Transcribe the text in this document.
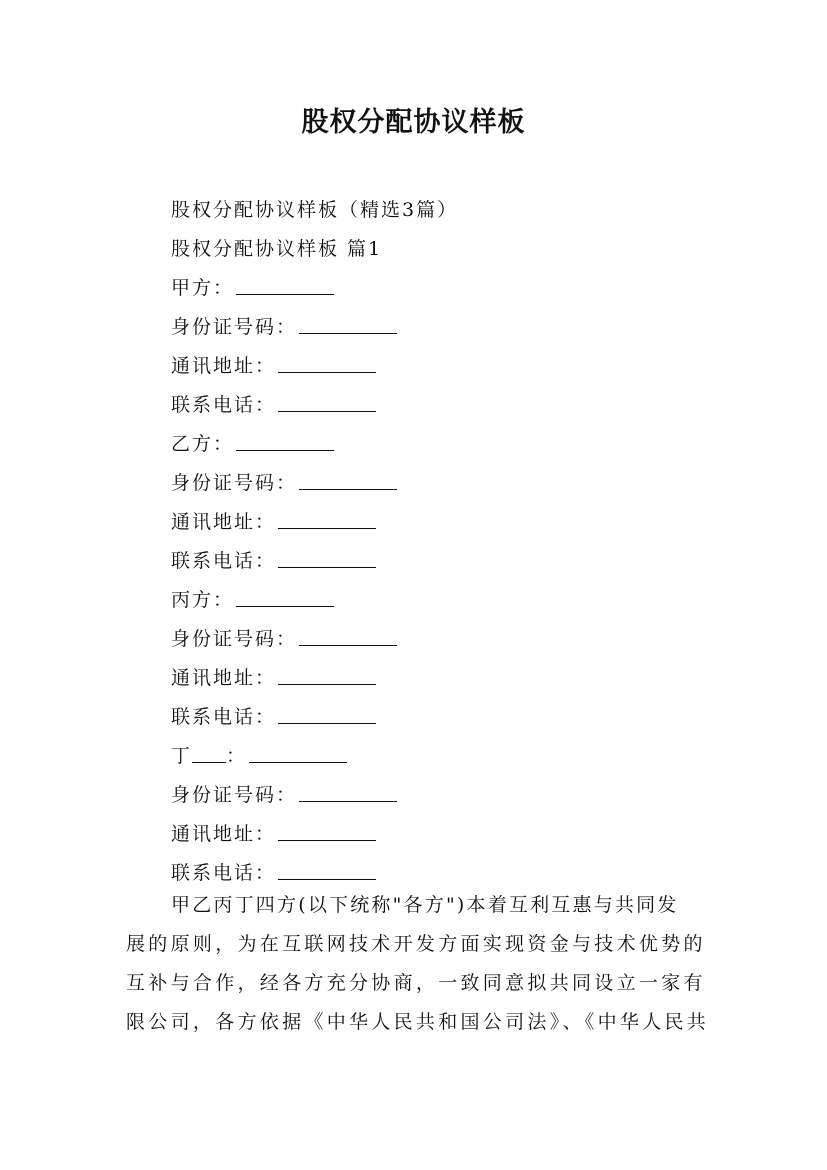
股权分配协议样板
股权分配协议样板（精选3篇）
股权分配协议样板 篇1
甲方：
身份证号码：
通讯地址：
联系电话：
乙方：
身份证号码：
通讯地址：
联系电话：
丙方：
身份证号码：
通讯地址：
联系电话：
丁 ：
身份证号码：
通讯地址：
联系电话：
甲乙丙丁四方(以下统称"各方")本着互利互惠与共同发
展的原则，为在互联网技术开发方面实现资金与技术优势的
互补与合作，经各方充分协商，一致同意拟共同设立一家有
限公司，各方依据《中华人民共和国公司法》、《中华人民共
